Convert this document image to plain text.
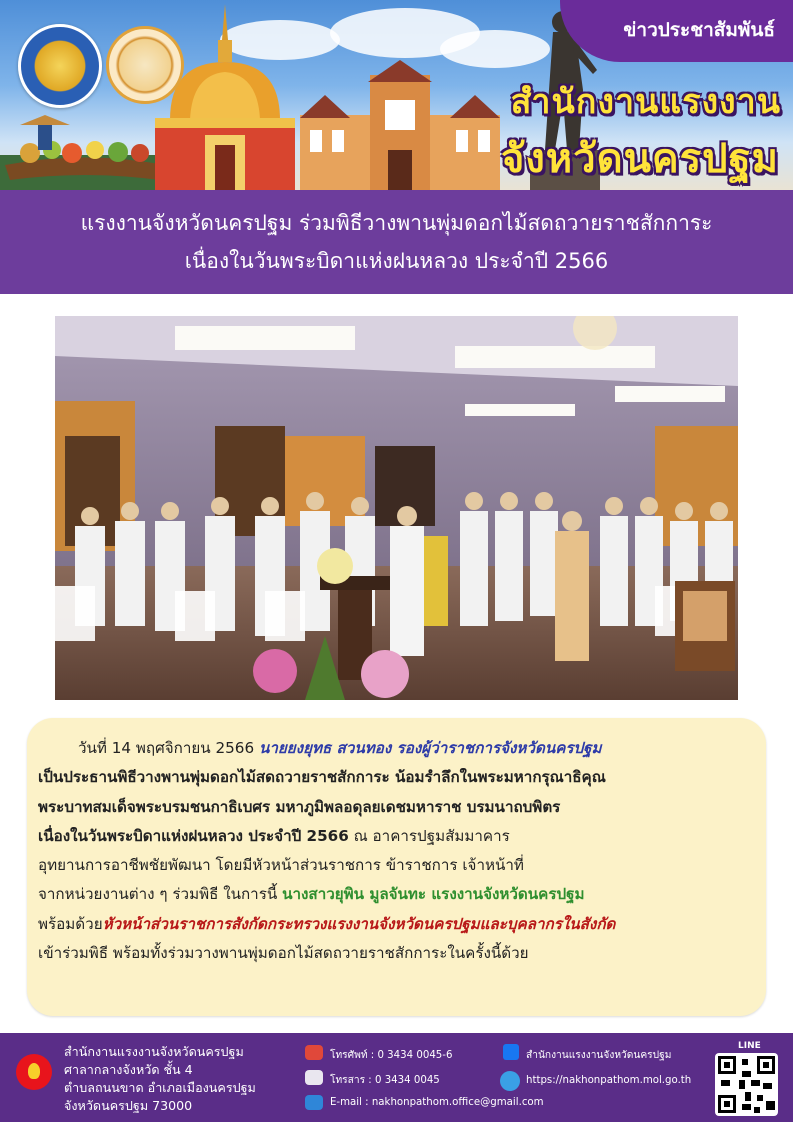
ข่าวประชาสัมพันธ์
สำนักงานแรงงาน
จังหวัดนครปฐม
แรงงานจังหวัดนครปฐม ร่วมพิธีวางพานพุ่มดอกไม้สดถวายราชสักการะ
เนื่องในวันพระบิดาแห่งฝนหลวง ประจำปี 2566
วันที่ 14 พฤศจิกายน 2566 นายยงยุทธ สวนทอง รองผู้ว่าราชการจังหวัดนครปฐม
เป็นประธานพิธีวางพานพุ่มดอกไม้สดถวายราชสักการะ น้อมรำลึกในพระมหากรุณาธิคุณ
พระบาทสมเด็จพระบรมชนกาธิเบศร มหาภูมิพลอดุลยเดชมหาราช บรมนาถบพิตร
เนื่องในวันพระบิดาแห่งฝนหลวง ประจำปี 2566 ณ อาคารปฐมสัมมาคาร
อุทยานการอาชีพชัยพัฒนา โดยมีหัวหน้าส่วนราชการ ข้าราชการ เจ้าหน้าที่
จากหน่วยงานต่าง ๆ ร่วมพิธี ในการนี้ นางสาวยุพิน มูลจันทะ แรงงานจังหวัดนครปฐม
พร้อมด้วยหัวหน้าส่วนราชการสังกัดกระทรวงแรงงานจังหวัดนครปฐมและบุคลากรในสังกัด
เข้าร่วมพิธี พร้อมทั้งร่วมวางพานพุ่มดอกไม้สดถวายราชสักการะในครั้งนี้ด้วย
สำนักงานแรงงานจังหวัดนครปฐม
ศาลากลางจังหวัด ชั้น 4
ตำบลถนนขาด อำเภอเมืองนครปฐม
จังหวัดนครปฐม 73000
โทรศัพท์ : 0 3434 0045-6
โทรสาร : 0 3434 0045
E-mail : nakhonpathom.office@gmail.com
สำนักงานแรงงานจังหวัดนครปฐม
https://nakhonpathom.mol.go.th
LINE
